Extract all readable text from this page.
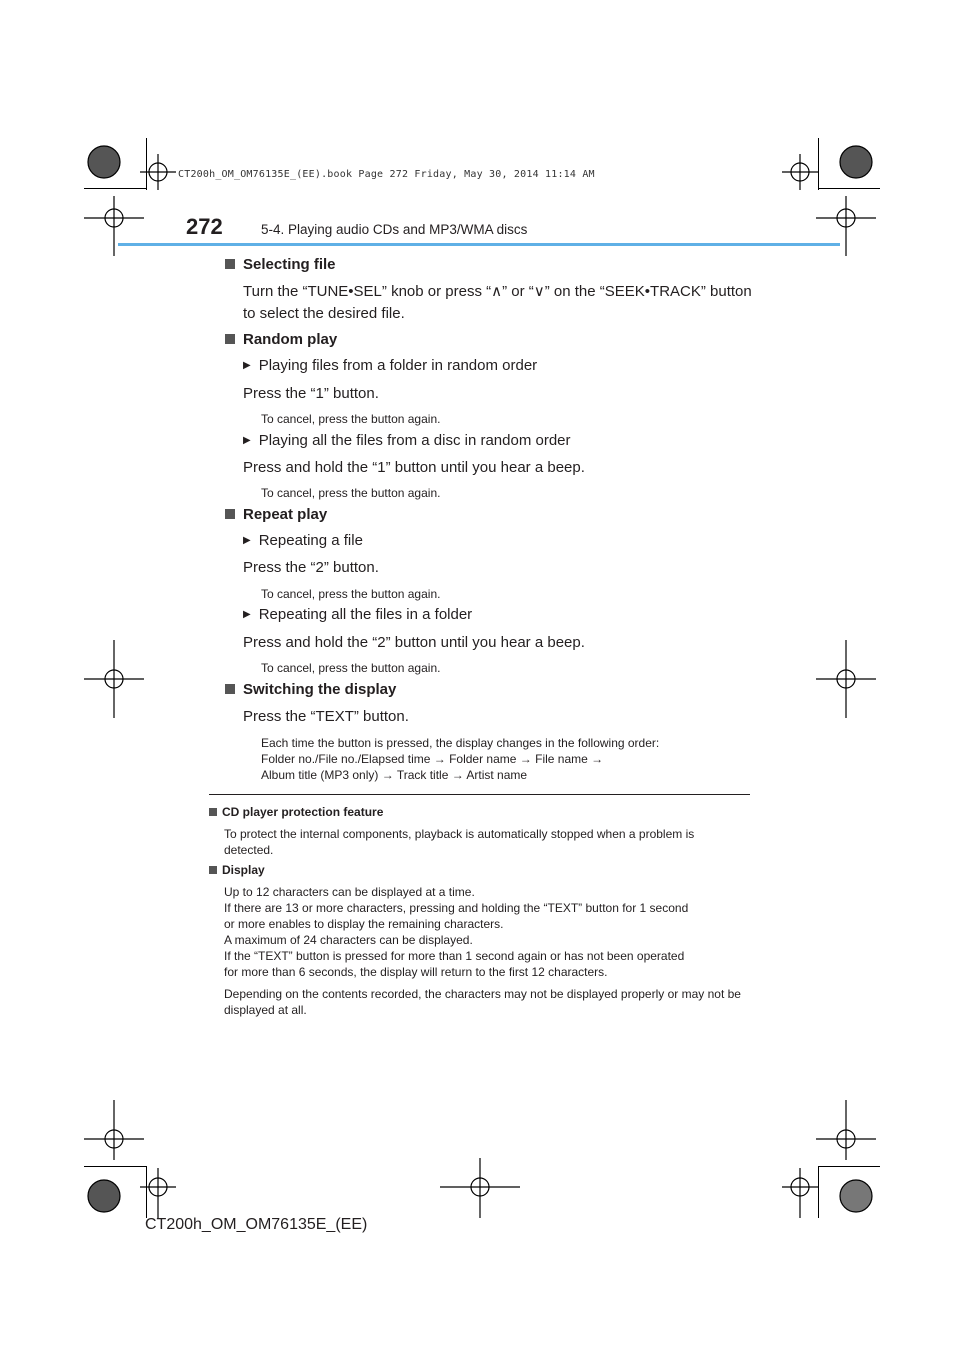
CT200h_OM_OM76135E_(EE).book Page 272 Friday, May 30, 2014 11:14 AM
272	5-4. Playing audio CDs and MP3/WMA discs
Selecting file
Turn the “TUNE•SEL” knob or press “∧” or “∨” on the “SEEK•TRACK” button
to select the desired file.
Random play
▶ Playing files from a folder in random order
Press the “1” button.
To cancel, press the button again.
▶ Playing all the files from a disc in random order
Press and hold the “1” button until you hear a beep.
To cancel, press the button again.
Repeat play
▶ Repeating a file
Press the “2” button.
To cancel, press the button again.
▶ Repeating all the files in a folder
Press and hold the “2” button until you hear a beep.
To cancel, press the button again.
Switching the display
Press the “TEXT” button.
Each time the button is pressed, the display changes in the following order:
Folder no./File no./Elapsed time → Folder name → File name →
Album title (MP3 only) → Track title → Artist name
CD player protection feature
To protect the internal components, playback is automatically stopped when a problem is detected.
Display
Up to 12 characters can be displayed at a time.
If there are 13 or more characters, pressing and holding the “TEXT” button for 1 second
or more enables to display the remaining characters.
A maximum of 24 characters can be displayed.
If the “TEXT” button is pressed for more than 1 second again or has not been operated
for more than 6 seconds, the display will return to the first 12 characters.
Depending on the contents recorded, the characters may not be displayed properly or may not be displayed at all.
CT200h_OM_OM76135E_(EE)
